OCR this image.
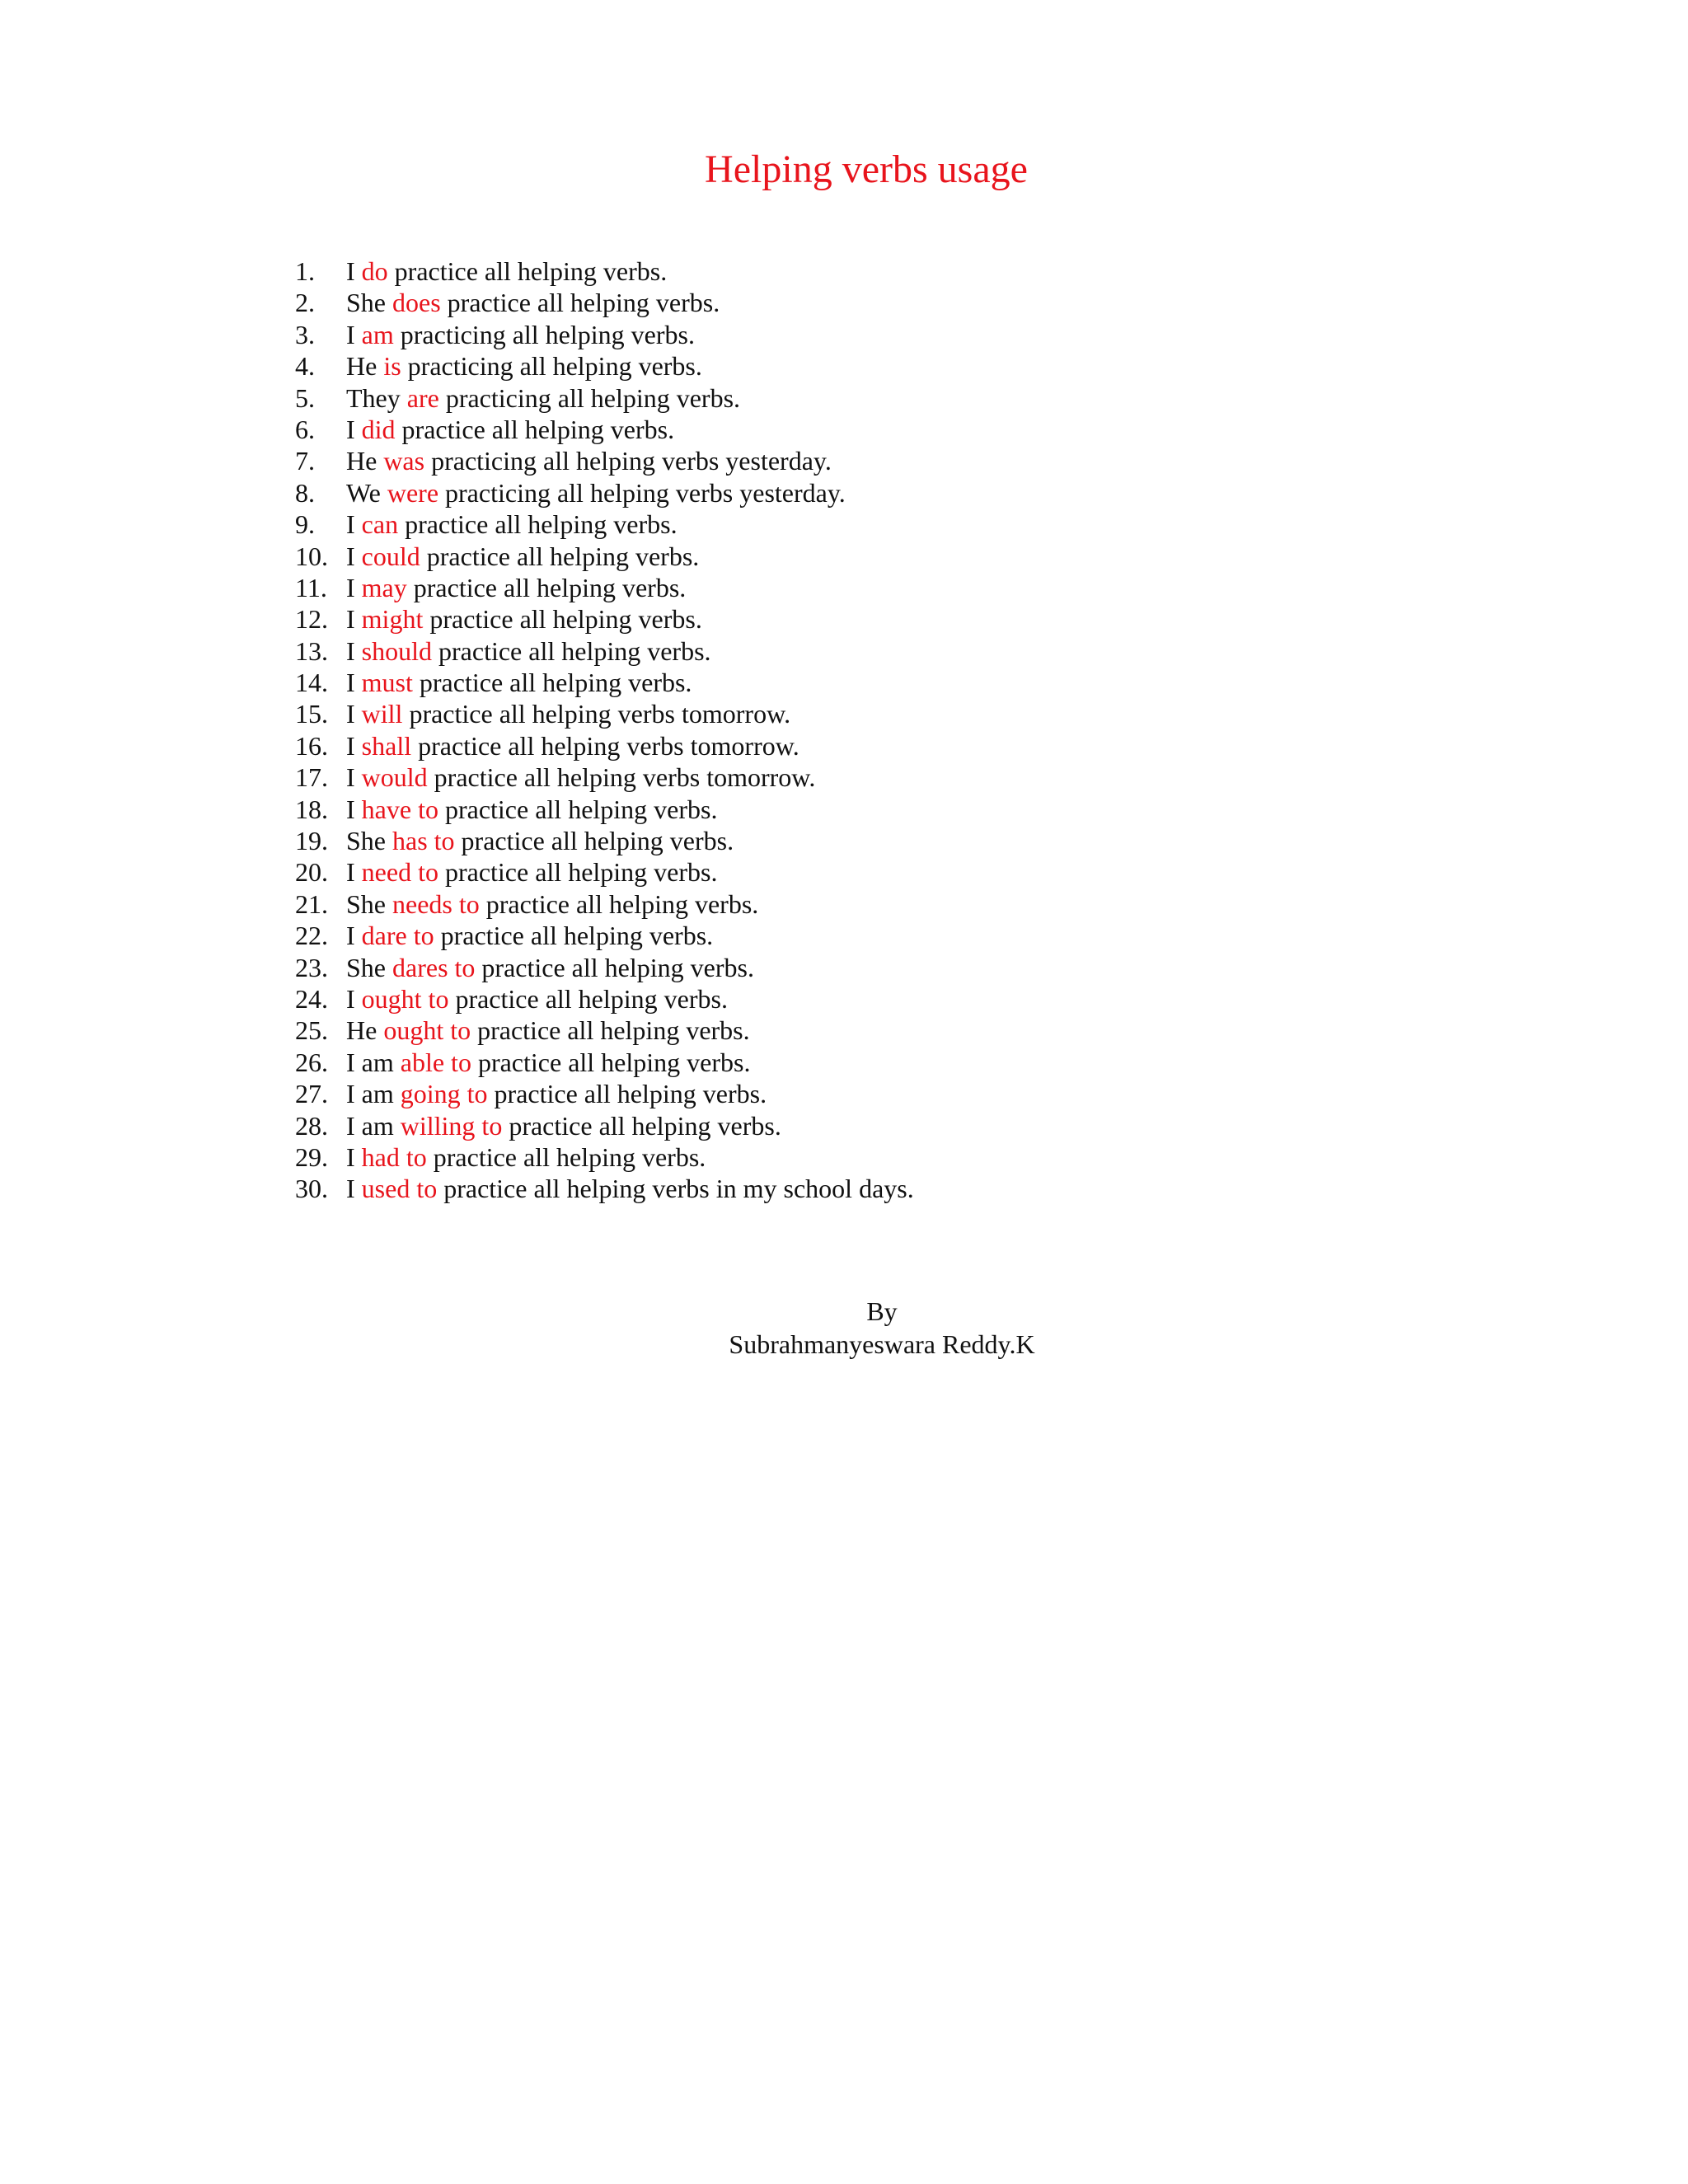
Helping verbs usage
1.	I do practice all helping verbs.
2.	She does practice all helping verbs.
3.	I am practicing all helping verbs.
4.	He is practicing all helping verbs.
5.	They are practicing all helping verbs.
6.	I did practice all helping verbs.
7.	He was practicing all helping verbs yesterday.
8.	We were practicing all helping verbs yesterday.
9.	I can practice all helping verbs.
10. I could practice all helping verbs.
11. I may practice all helping verbs.
12. I might practice all helping verbs.
13. I should practice all helping verbs.
14. I must practice all helping verbs.
15. I will practice all helping verbs tomorrow.
16. I shall practice all helping verbs tomorrow.
17. I would practice all helping verbs tomorrow.
18. I have to practice all helping verbs.
19. She has to practice all helping verbs.
20. I need to practice all helping verbs.
21. She needs to practice all helping verbs.
22. I dare to practice all helping verbs.
23. She dares to practice all helping verbs.
24. I ought to practice all helping verbs.
25. He ought to practice all helping verbs.
26. I am able to practice all helping verbs.
27. I am going to practice all helping verbs.
28. I am willing to practice all helping verbs.
29. I had to practice all helping verbs.
30. I used to practice all helping verbs in my school days.
By
Subrahmanyeswara Reddy.K
